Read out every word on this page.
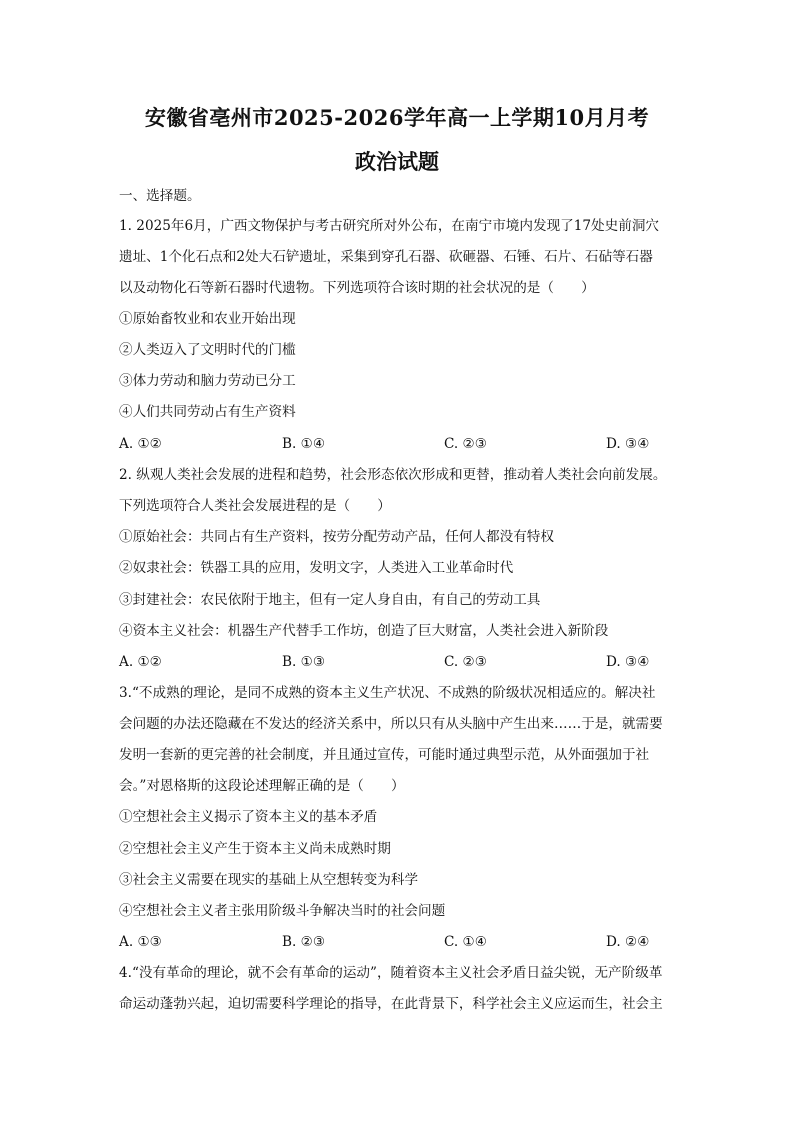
安徽省亳州市2025-2026学年高一上学期10月月考
政治试题
一、选择题。
1. 2025年6月，广西文物保护与考古研究所对外公布，在南宁市境内发现了17处史前洞穴
遗址、1个化石点和2处大石铲遗址，采集到穿孔石器、砍砸器、石锤、石片、石砧等石器
以及动物化石等新石器时代遗物。下列选项符合该时期的社会状况的是（　　）
①原始畜牧业和农业开始出现
②人类迈入了文明时代的门槛
③体力劳动和脑力劳动已分工
④人们共同劳动占有生产资料
A. ①②	B. ①④	C. ②③	D. ③④
2. 纵观人类社会发展的进程和趋势，社会形态依次形成和更替，推动着人类社会向前发展。
下列选项符合人类社会发展进程的是（　　）
①原始社会：共同占有生产资料，按劳分配劳动产品，任何人都没有特权
②奴隶社会：铁器工具的应用，发明文字，人类进入工业革命时代
③封建社会：农民依附于地主，但有一定人身自由，有自己的劳动工具
④资本主义社会：机器生产代替手工作坊，创造了巨大财富，人类社会进入新阶段
A. ①②	B. ①③	C. ②③	D. ③④
3.“不成熟的理论，是同不成熟的资本主义生产状况、不成熟的阶级状况相适应的。解决社
会问题的办法还隐藏在不发达的经济关系中，所以只有从头脑中产生出来……于是，就需要
发明一套新的更完善的社会制度，并且通过宣传，可能时通过典型示范，从外面强加于社
会。”对恩格斯的这段论述理解正确的是（　　）
①空想社会主义揭示了资本主义的基本矛盾
②空想社会主义产生于资本主义尚未成熟时期
③社会主义需要在现实的基础上从空想转变为科学
④空想社会主义者主张用阶级斗争解决当时的社会问题
A. ①③	B. ②③	C. ①④	D. ②④
4.“没有革命的理论，就不会有革命的运动”，随着资本主义社会矛盾日益尖锐，无产阶级革
命运动蓬勃兴起，迫切需要科学理论的指导，在此背景下，科学社会主义应运而生，社会主
